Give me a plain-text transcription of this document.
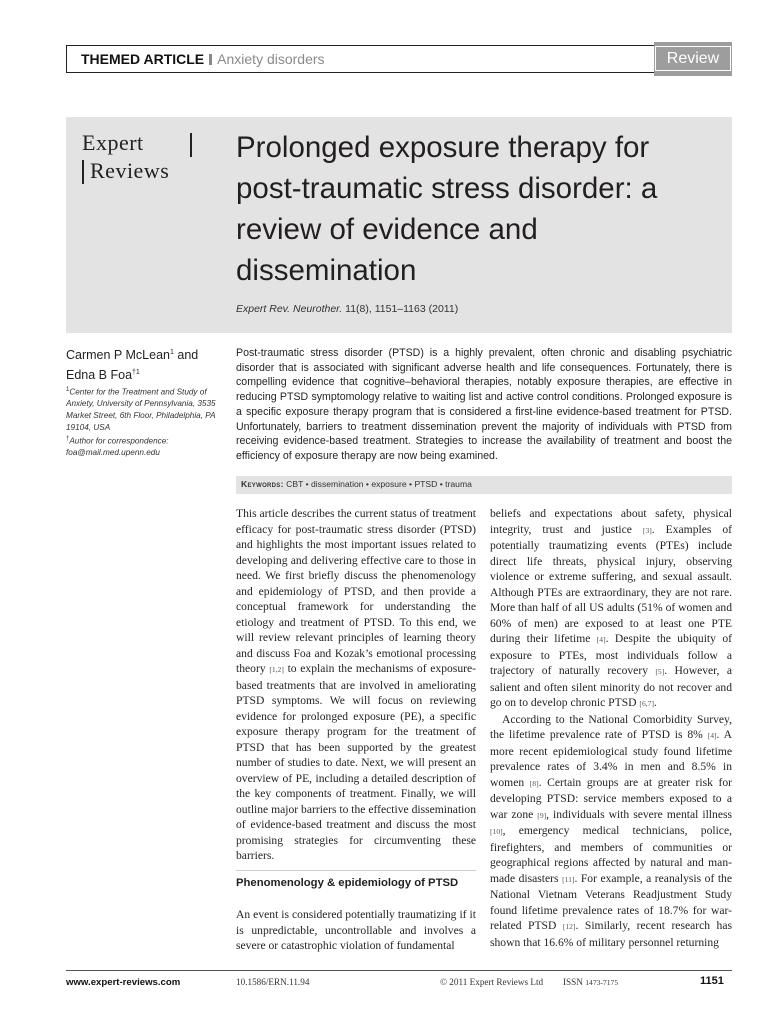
THEMED ARTICLE Anxiety disorders	Review
Expert
Reviews
Prolonged exposure therapy for post-traumatic stress disorder: a review of evidence and dissemination
Expert Rev. Neurother. 11(8), 1151–1163 (2011)
Carmen P McLean$^1$ and Edna B Foa$^{\dagger 1}$
$^1$Center for the Treatment and Study of Anxiety, University of Pennsylvania, 3535 Market Street, 6th Floor, Philadelphia, PA 19104, USA
†Author for correspondence:
foa@mail.med.upenn.edu
Post-traumatic stress disorder (PTSD) is a highly prevalent, often chronic and disabling psychiatric disorder that is associated with significant adverse health and life consequences. Fortunately, there is compelling evidence that cognitive–behavioral therapies, notably exposure therapies, are effective in reducing PTSD symptomology relative to waiting list and active control conditions. Prolonged exposure is a specific exposure therapy program that is considered a first-line evidence-based treatment for PTSD. Unfortunately, barriers to treatment dissemination prevent the majority of individuals with PTSD from receiving evidence-based treatment. Strategies to increase the availability of treatment and boost the efficiency of exposure therapy are now being examined.
Keywords: CBT • dissemination • exposure • PTSD • trauma

This article describes the current status of treatment efficacy for post-traumatic stress disorder (PTSD) and highlights the most important issues related to developing and delivering effective care to those in need. We first briefly discuss the phenomenology and epidemiology of PTSD, and then provide a conceptual framework for understanding the etiology and treatment of PTSD. To this end, we will review relevant principles of learning theory and discuss Foa and Kozak’s emotional processing theory [1,2] to explain the mechanisms of exposure-based treatments that are involved in ameliorating PTSD symptoms. We will focus on reviewing evidence for prolonged exposure (PE), a specific exposure therapy program for the treatment of PTSD that has been supported by the greatest number of studies to date. Next, we will present an overview of PE, including a detailed description of the key components of treatment. Finally, we will outline major barriers to the effective dissemination of evidence-based treatment and discuss the most promising strategies for circumventing these barriers.

Phenomenology & epidemiology of PTSD

An event is considered potentially traumatizing if it is unpredictable, uncontrollable and involves a severe or catastrophic violation of fundamental

beliefs and expectations about safety, physical integrity, trust and justice [3]. Examples of potentially traumatizing events (PTEs) include direct life threats, physical injury, observing violence or extreme suffering, and sexual assault. Although PTEs are extraordinary, they are not rare. More than half of all US adults (51% of women and 60% of men) are exposed to at least one PTE during their lifetime [4]. Despite the ubiquity of exposure to PTEs, most individuals follow a trajectory of naturally recovery [5]. However, a salient and often silent minority do not recover and go on to develop chronic PTSD [6,7].

According to the National Comorbidity Survey, the lifetime prevalence rate of PTSD is 8% [4]. A more recent epidemiological study found lifetime prevalence rates of 3.4% in men and 8.5% in women [8]. Certain groups are at greater risk for developing PTSD: service members exposed to a war zone [9], individuals with severe mental illness [10], emergency medical technicians, police, firefighters, and members of communities or geographical regions affected by natural and man-made disasters [11]. For example, a reanalysis of the National Vietnam Veterans Readjustment Study found lifetime prevalence rates of 18.7% for war-related PTSD [12]. Similarly, recent research has shown that 16.6% of military personnel returning

www.expert-reviews.com	10.1586/ERN.11.94	© 2011 Expert Reviews Ltd ISSN 1473-7175	1151
